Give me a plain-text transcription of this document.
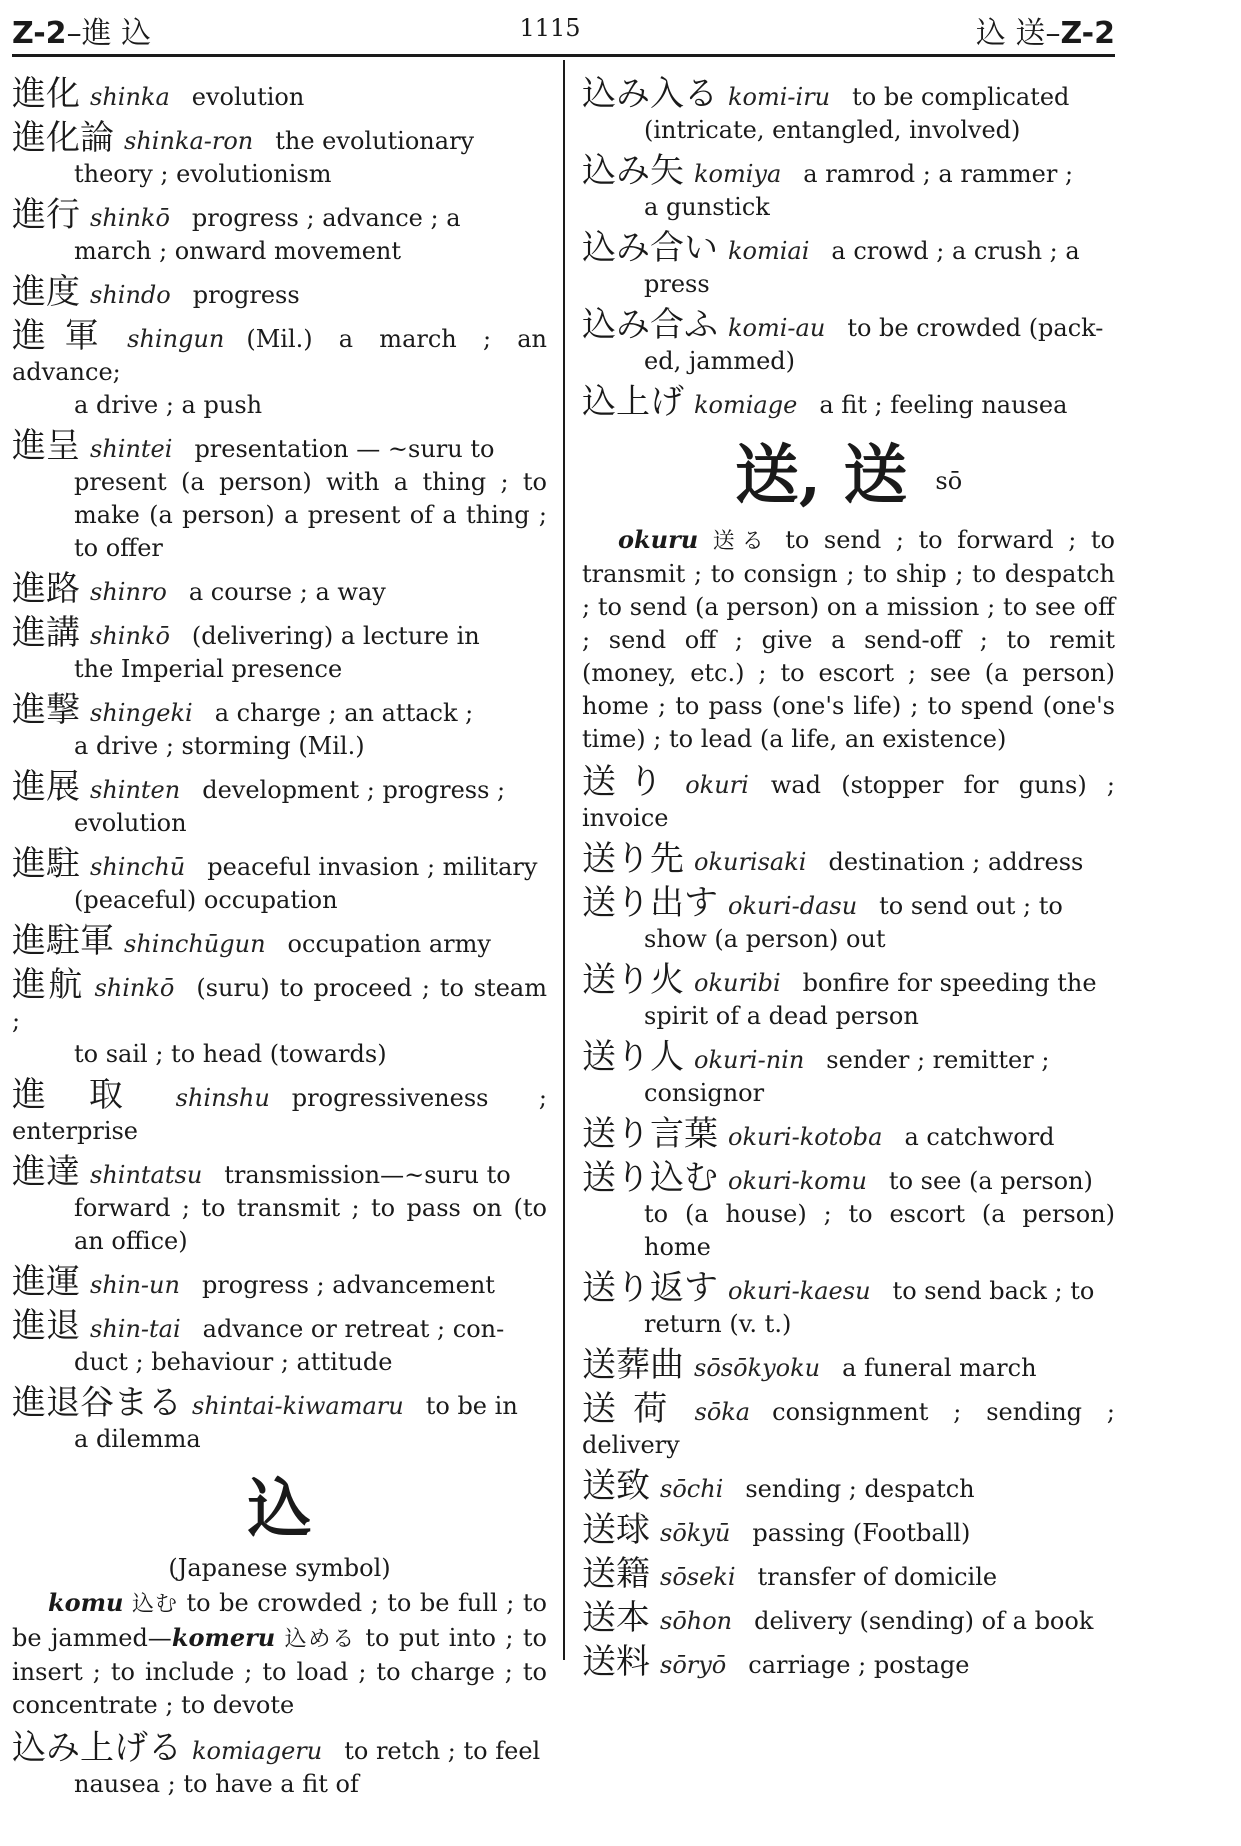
Z-2–進 込	1115	込 送–Z-2
進化 shinka evolution
進化論 shinka-ron the evolutionary
theory ; evolutionism
進行 shinkō progress ; advance ; a
march ; onward movement
進度 shindo progress
進軍 shingun (Mil.) a march ; an advance;
a drive ; a push
進呈 shintei presentation — ~suru to
present (a person) with a thing ; to make (a person) a present of a thing ; to offer
進路 shinro a course ; a way
進講 shinkō (delivering) a lecture in
the Imperial presence
進撃 shingeki a charge ; an attack ;
a drive ; storming (Mil.)
進展 shinten development ; progress ;
evolution
進駐 shinchū peaceful invasion ; military
(peaceful) occupation
進駐軍 shinchūgun occupation army
進航 shinkō (suru) to proceed ; to steam ;
to sail ; to head (towards)
進取 shinshu progressiveness ; enterprise
進達 shintatsu transmission—~suru to
forward ; to transmit ; to pass on (to an office)
進運 shin-un progress ; advancement
進退 shin-tai advance or retreat ; con-
duct ; behaviour ; attitude
進退谷まる shintai-kiwamaru to be in
a dilemma
込
(Japanese symbol)
komu 込む to be crowded ; to be full ; to be jammed—komeru 込める to put into ; to insert ; to include ; to load ; to charge ; to concentrate ; to devote
込み上げる komiageru to retch ; to feel
nausea ; to have a fit of
込み入る komi-iru to be complicated
(intricate, entangled, involved)
込み矢 komiya a ramrod ; a rammer ;
a gunstick
込み合い komiai a crowd ; a crush ; a
press
込み合ふ komi-au to be crowded (pack-
ed, jammed)
込上げ komiage a fit ; feeling nausea
送, 送 sō
okuru 送る to send ; to forward ; to transmit ; to consign ; to ship ; to despatch ; to send (a person) on a mission ; to see off ; send off ; give a send-off ; to remit (money, etc.) ; to escort ; see (a person) home ; to pass (one's life) ; to spend (one's time) ; to lead (a life, an existence)
送り okuri wad (stopper for guns) ; invoice
送り先 okurisaki destination ; address
送り出す okuri-dasu to send out ; to
show (a person) out
送り火 okuribi bonfire for speeding the
spirit of a dead person
送り人 okuri-nin sender ; remitter ;
consignor
送り言葉 okuri-kotoba a catchword
送り込む okuri-komu to see (a person)
to (a house) ; to escort (a person) home
送り返す okuri-kaesu to send back ; to
return (v. t.)
送葬曲 sōsōkyoku a funeral march
送荷 sōka consignment ; sending ; delivery
送致 sōchi sending ; despatch
送球 sōkyū passing (Football)
送籍 sōseki transfer of domicile
送本 sōhon delivery (sending) of a book
送料 sōryō carriage ; postage
